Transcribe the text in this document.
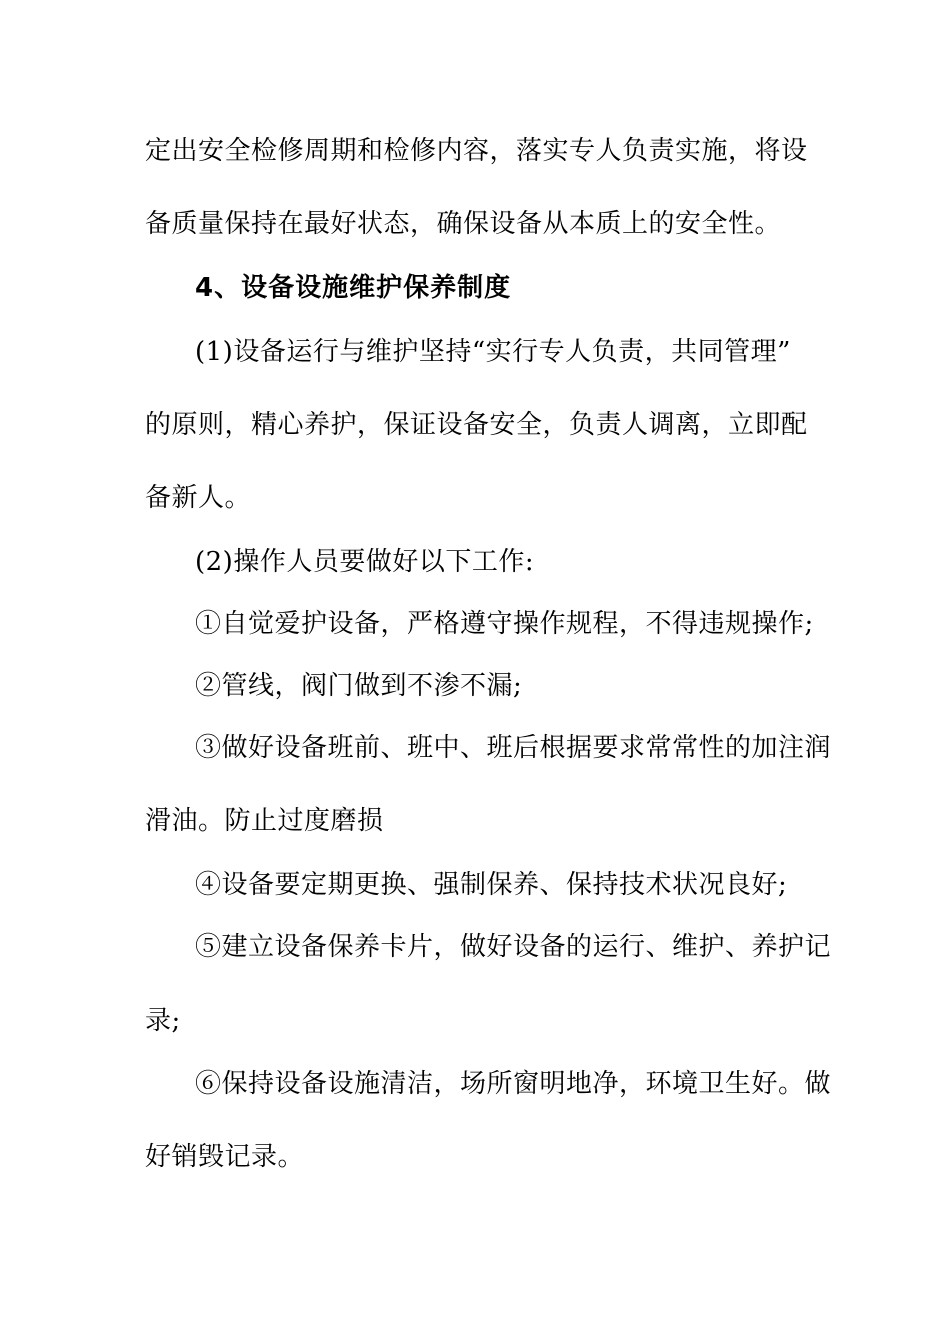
定出安全检修周期和检修内容，落实专人负责实施，将设
备质量保持在最好状态，确保设备从本质上的安全性。
4、设备设施维护保养制度
(1)设备运行与维护坚持“实行专人负责，共同管理”
的原则，精心养护，保证设备安全，负责人调离，立即配
备新人。
(2)操作人员要做好以下工作:
①自觉爱护设备，严格遵守操作规程，不得违规操作;
②管线，阀门做到不渗不漏;
③做好设备班前、班中、班后根据要求常常性的加注润
滑油。防止过度磨损
④设备要定期更换、强制保养、保持技术状况良好;
⑤建立设备保养卡片，做好设备的运行、维护、养护记
录;
⑥保持设备设施清洁，场所窗明地净，环境卫生好。做
好销毁记录。
